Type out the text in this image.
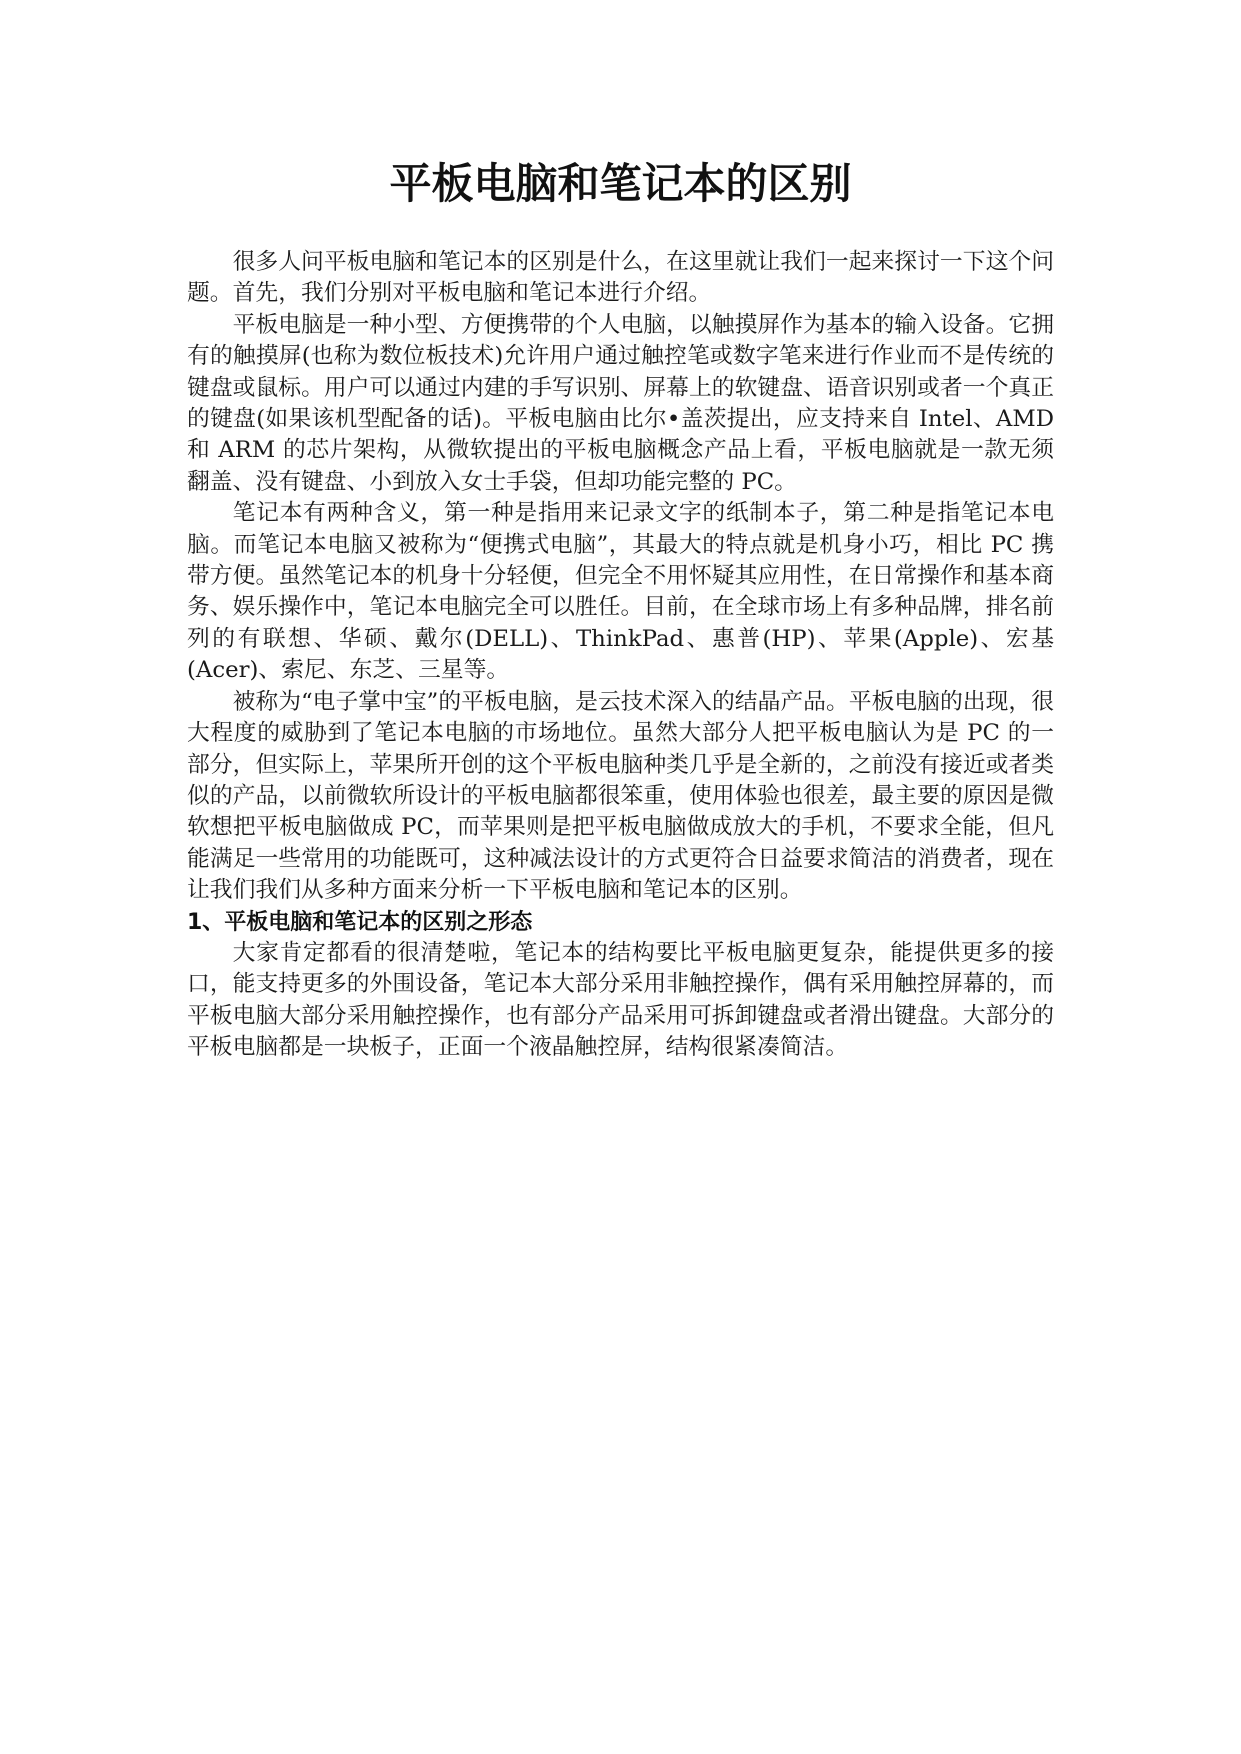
平板电脑和笔记本的区别

很多人问平板电脑和笔记本的区别是什么，在这里就让我们一起来探讨一下这个问题。首先，我们分别对平板电脑和笔记本进行介绍。

平板电脑是一种小型、方便携带的个人电脑，以触摸屏作为基本的输入设备。它拥有的触摸屏(也称为数位板技术)允许用户通过触控笔或数字笔来进行作业而不是传统的键盘或鼠标。用户可以通过内建的手写识别、屏幕上的软键盘、语音识别或者一个真正的键盘(如果该机型配备的话)。平板电脑由比尔•盖茨提出，应支持来自 Intel、AMD 和 ARM 的芯片架构，从微软提出的平板电脑概念产品上看，平板电脑就是一款无须翻盖、没有键盘、小到放入女士手袋，但却功能完整的 PC。

笔记本有两种含义，第一种是指用来记录文字的纸制本子，第二种是指笔记本电脑。而笔记本电脑又被称为“便携式电脑”，其最大的特点就是机身小巧，相比 PC 携带方便。虽然笔记本的机身十分轻便，但完全不用怀疑其应用性，在日常操作和基本商务、娱乐操作中，笔记本电脑完全可以胜任。目前，在全球市场上有多种品牌，排名前列的有联想、华硕、戴尔(DELL)、ThinkPad、惠普(HP)、苹果(Apple)、宏基(Acer)、索尼、东芝、三星等。

被称为“电子掌中宝”的平板电脑，是云技术深入的结晶产品。平板电脑的出现，很大程度的威胁到了笔记本电脑的市场地位。虽然大部分人把平板电脑认为是 PC 的一部分，但实际上，苹果所开创的这个平板电脑种类几乎是全新的，之前没有接近或者类似的产品，以前微软所设计的平板电脑都很笨重，使用体验也很差，最主要的原因是微软想把平板电脑做成 PC，而苹果则是把平板电脑做成放大的手机，不要求全能，但凡能满足一些常用的功能既可，这种减法设计的方式更符合日益要求简洁的消费者，现在让我们我们从多种方面来分析一下平板电脑和笔记本的区别。

1、平板电脑和笔记本的区别之形态

大家肯定都看的很清楚啦，笔记本的结构要比平板电脑更复杂，能提供更多的接口，能支持更多的外围设备，笔记本大部分采用非触控操作，偶有采用触控屏幕的，而平板电脑大部分采用触控操作，也有部分产品采用可拆卸键盘或者滑出键盘。大部分的平板电脑都是一块板子，正面一个液晶触控屏，结构很紧凑简洁。
